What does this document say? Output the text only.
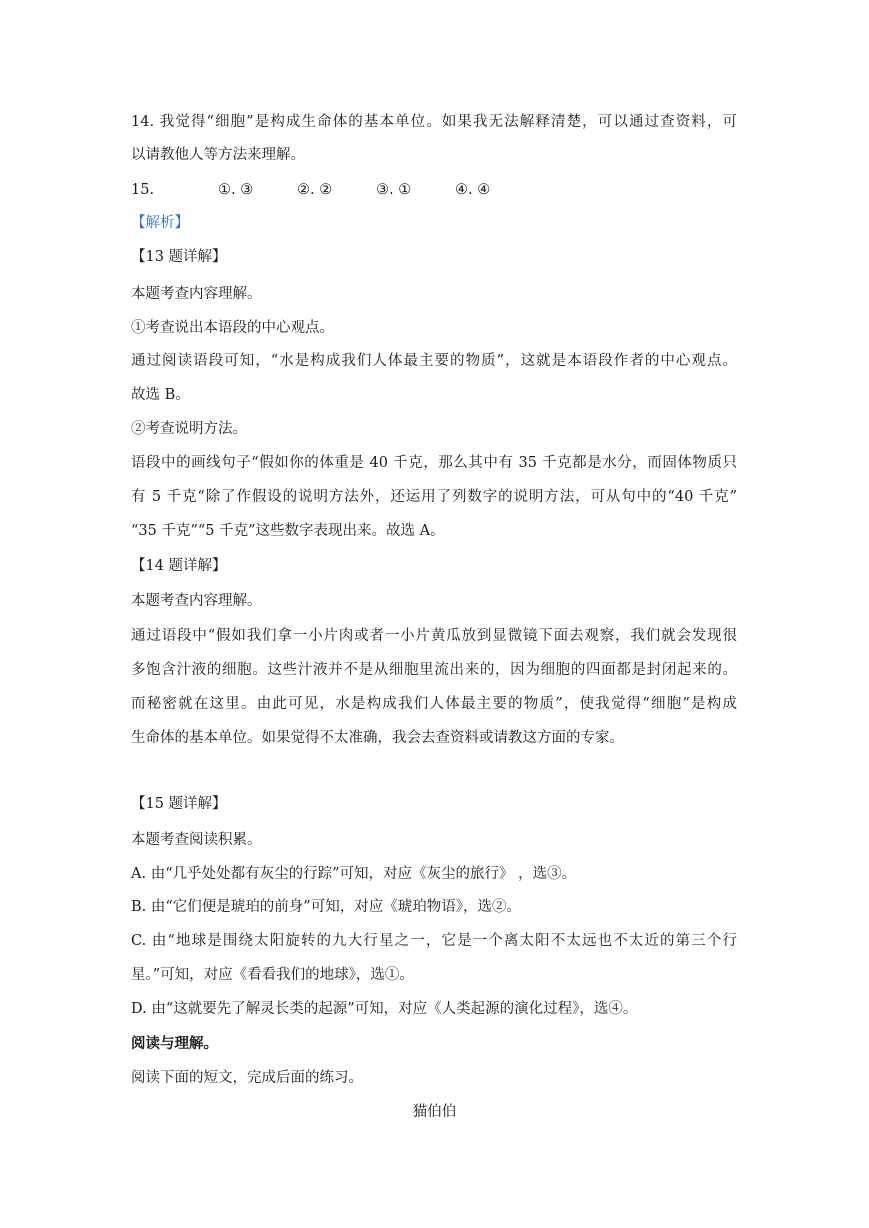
14. 我觉得“细胞”是构成生命体的基本单位。如果我无法解释清楚，可以通过查资料，可
以请教他人等方法来理解。
15.	①. ③	②. ②	③. ①	④. ④
【解析】
【13 题详解】
本题考查内容理解。
①考查说出本语段的中心观点。
通过阅读语段可知，“水是构成我们人体最主要的物质”，这就是本语段作者的中心观点。
故选 B。
②考查说明方法。
语段中的画线句子“假如你的体重是 40 千克，那么其中有 35 千克都是水分，而固体物质只
有 5 千克“除了作假设的说明方法外，还运用了列数字的说明方法，可从句中的“40 千克”
“35 千克”“5 千克”这些数字表现出来。故选 A。
【14 题详解】
本题考查内容理解。
通过语段中“假如我们拿一小片肉或者一小片黄瓜放到显微镜下面去观察，我们就会发现很
多饱含汁液的细胞。这些汁液并不是从细胞里流出来的，因为细胞的四面都是封闭起来的。
而秘密就在这里。由此可见，水是构成我们人体最主要的物质”，使我觉得“细胞”是构成
生命体的基本单位。如果觉得不太准确，我会去查资料或请教这方面的专家。
【15 题详解】
本题考查阅读积累。
A. 由“几乎处处都有灰尘的行踪”可知，对应《灰尘的旅行》 ，选③。
B. 由“它们便是琥珀的前身”可知，对应《琥珀物语》，选②。
C. 由“地球是围绕太阳旋转的九大行星之一，它是一个离太阳不太远也不太近的第三个行
星。”可知，对应《看看我们的地球》，选①。
D. 由“这就要先了解灵长类的起源”可知，对应《人类起源的演化过程》，选④。
阅读与理解。
阅读下面的短文，完成后面的练习。
猫伯伯
